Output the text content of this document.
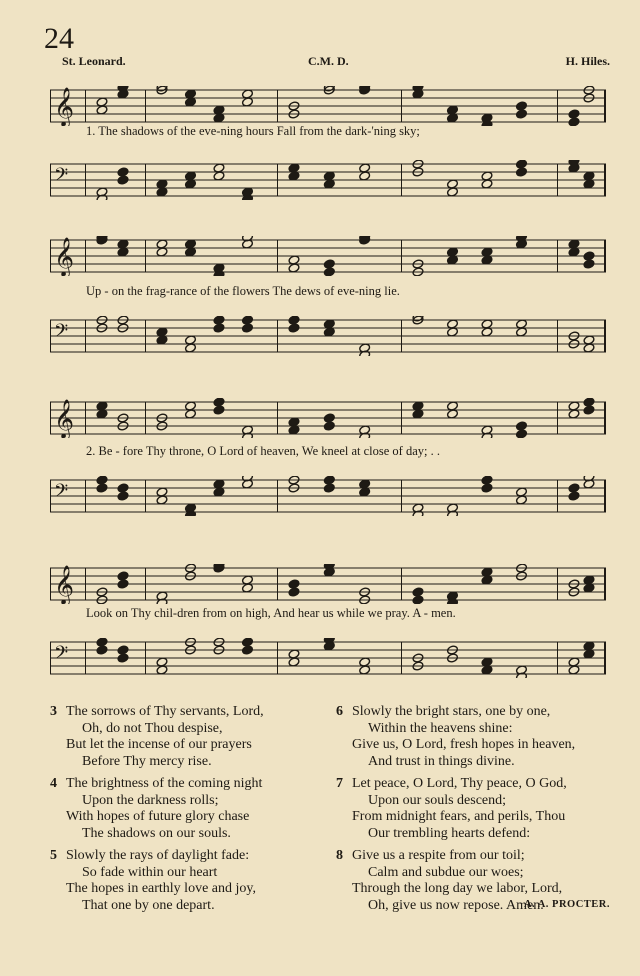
24
St. Leonard.	C.M. D.	H. Hiles.
𝄞
1. The shadows of the eve-ning hours Fall from the dark-'ning sky;
𝄢
𝄞
Up - on the frag-rance of the flowers The dews of eve-ning lie.
𝄢
𝄞
2. Be - fore Thy throne, O Lord of heaven, We kneel at close of day; . .
𝄢
𝄞
Look on Thy chil-dren from on high, And hear us while we pray. A - men.
𝄢
3 The sorrows of Thy servants, Lord,
Oh, do not Thou despise,
But let the incense of our prayers
Before Thy mercy rise.
4 The brightness of the coming night
Upon the darkness rolls;
With hopes of future glory chase
The shadows on our souls.
5 Slowly the rays of daylight fade:
So fade within our heart
The hopes in earthly love and joy,
That one by one depart.
6 Slowly the bright stars, one by one,
Within the heavens shine:
Give us, O Lord, fresh hopes in heaven,
And trust in things divine.
7 Let peace, O Lord, Thy peace, O God,
Upon our souls descend;
From midnight fears, and perils, Thou
Our trembling hearts defend:
8 Give us a respite from our toil;
Calm and subdue our woes;
Through the long day we labor, Lord,
Oh, give us now repose. Amen.
A. A. PROCTER.
